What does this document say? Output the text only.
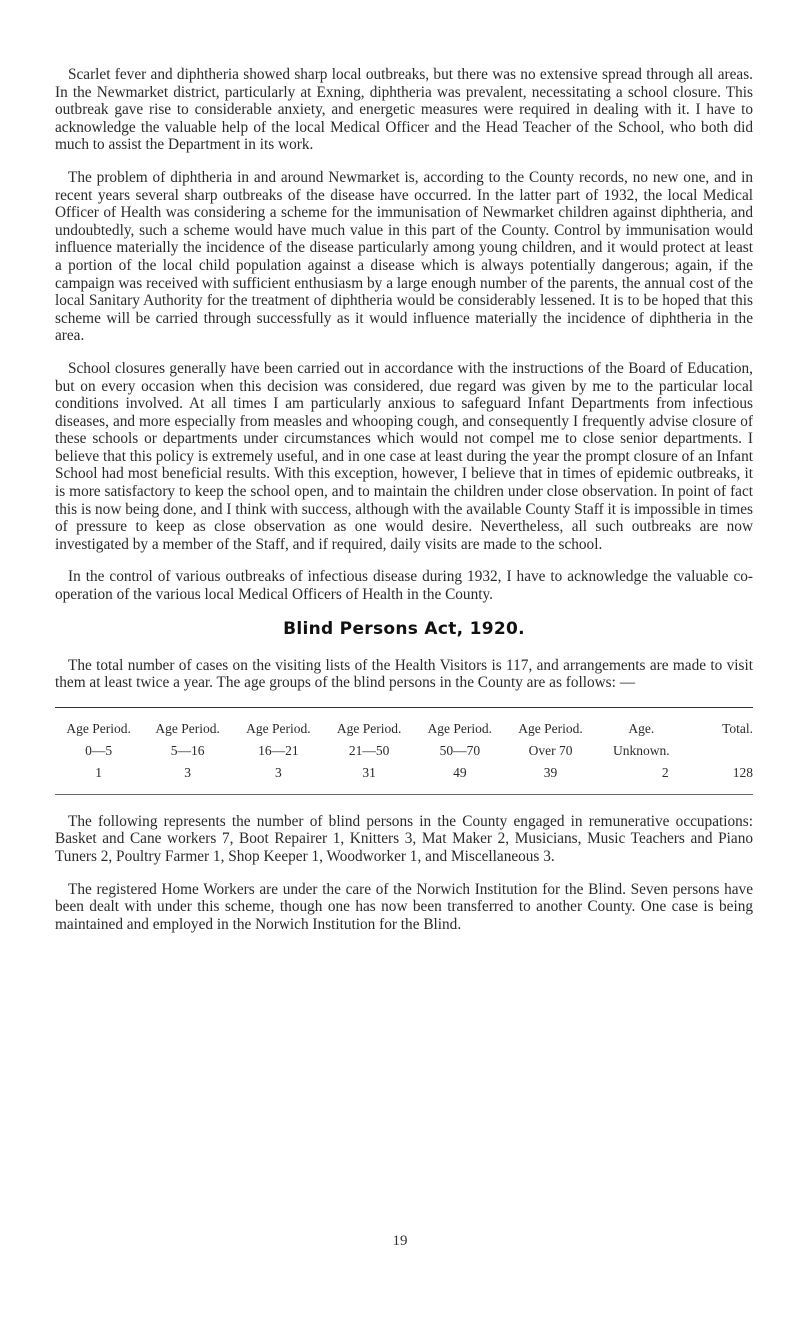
Scarlet fever and diphtheria showed sharp local outbreaks, but there was no extensive spread through all areas. In the Newmarket district, particularly at Exning, diphtheria was prevalent, necessitating a school closure. This outbreak gave rise to considerable anxiety, and energetic measures were required in dealing with it. I have to acknowledge the valuable help of the local Medical Officer and the Head Teacher of the School, who both did much to assist the Department in its work.

The problem of diphtheria in and around Newmarket is, according to the County records, no new one, and in recent years several sharp outbreaks of the disease have occurred. In the latter part of 1932, the local Medical Officer of Health was considering a scheme for the immunisation of Newmarket children against diphtheria, and undoubtedly, such a scheme would have much value in this part of the County. Control by immunisation would influence materially the incidence of the disease particularly among young children, and it would protect at least a portion of the local child population against a disease which is always potentially dangerous; again, if the campaign was received with sufficient enthusiasm by a large enough number of the parents, the annual cost of the local Sanitary Authority for the treatment of diphtheria would be considerably lessened. It is to be hoped that this scheme will be carried through successfully as it would influence materially the incidence of diphtheria in the area.

School closures generally have been carried out in accordance with the instructions of the Board of Education, but on every occasion when this decision was considered, due regard was given by me to the particular local conditions involved. At all times I am particularly anxious to safeguard Infant Departments from infectious diseases, and more especially from measles and whooping cough, and consequently I frequently advise closure of these schools or departments under circumstances which would not compel me to close senior departments. I believe that this policy is extremely useful, and in one case at least during the year the prompt closure of an Infant School had most beneficial results. With this exception, however, I believe that in times of epidemic outbreaks, it is more satisfactory to keep the school open, and to maintain the children under close observation. In point of fact this is now being done, and I think with success, although with the available County Staff it is impossible in times of pressure to keep as close observation as one would desire. Nevertheless, all such outbreaks are now investigated by a member of the Staff, and if required, daily visits are made to the school.

In the control of various outbreaks of infectious disease during 1932, I have to acknowledge the valuable co-operation of the various local Medical Officers of Health in the County.

Blind Persons Act, 1920.

The total number of cases on the visiting lists of the Health Visitors is 117, and arrangements are made to visit them at least twice a year. The age groups of the blind persons in the County are as follows: —

Age Period.	Age Period.	Age Period.	Age Period.	Age Period.	Age Period.	Age.	Total.
0—5	5—16	16—21	21—50	50—70	Over 70	Unknown.	
1	3	3	31	49	39	2	128

The following represents the number of blind persons in the County engaged in remunerative occupations: Basket and Cane workers 7, Boot Repairer 1, Knitters 3, Mat Maker 2, Musicians, Music Teachers and Piano Tuners 2, Poultry Farmer 1, Shop Keeper 1, Woodworker 1, and Miscellaneous 3.

The registered Home Workers are under the care of the Norwich Institution for the Blind. Seven persons have been dealt with under this scheme, though one has now been transferred to another County. One case is being maintained and employed in the Norwich Institution for the Blind.

19
